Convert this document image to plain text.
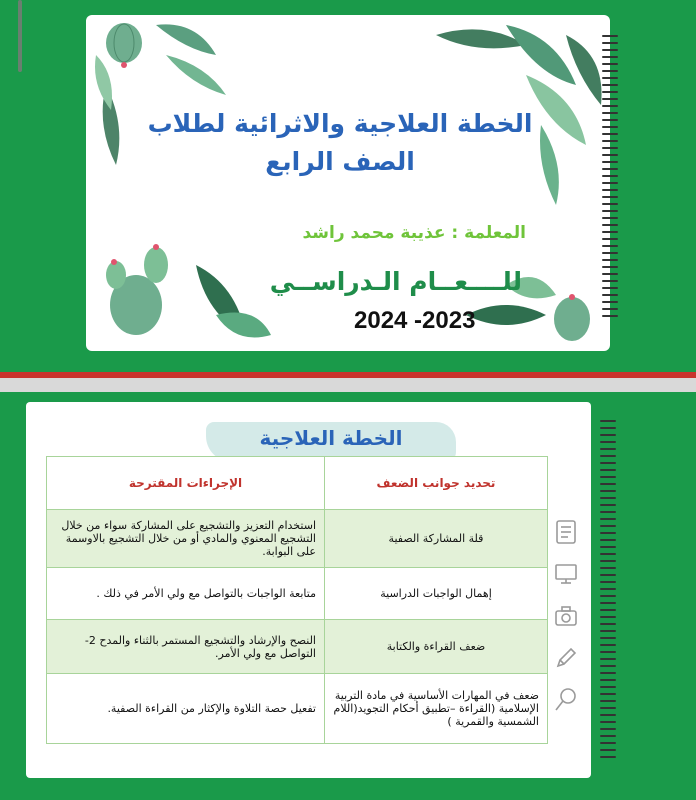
الخطة العلاجية والاثرائية لطلاب الصف الرابع
المعلمة : عذيبة محمد راشد
للــــعــام الـدراســي
2024 -2023
الخطة العلاجية
تحديد جوانب الضعف	الإجراءات المقترحة
قلة المشاركة الصفية	استخدام التعزيز والتشجيع على المشاركة سواء من خلال التشجيع المعنوي والمادي أو من خلال التشجيع بالاوسمة على البوابة.
إهمال الواجبات الدراسية	متابعة الواجبات بالتواصل مع ولي الأمر في ذلك .
ضعف القراءة والكتابة	النصح والإرشاد والتشجيع المستمر بالثناء والمدح 2- التواصل مع ولي الأمر.
ضعف في المهارات الأساسية في مادة التربية الإسلامية (القراءة –تطبيق أحكام التجويد(اللام الشمسية والقمرية )	تفعيل حصة التلاوة والإكثار من القراءة الصفية.
